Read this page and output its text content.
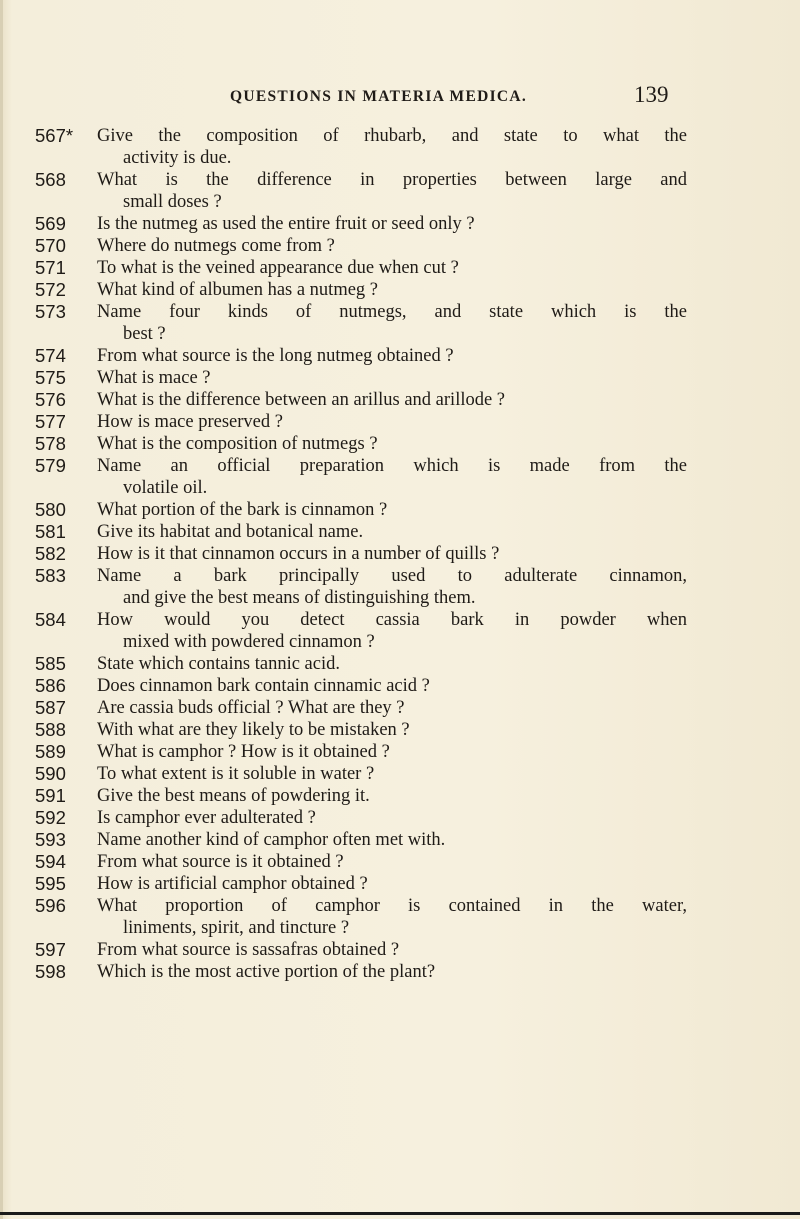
QUESTIONS IN MATERIA MEDICA.	139
567*	Give the composition of rhubarb, and state to what the
activity is due.
568	What is the difference in properties between large and
small doses ?
569	Is the nutmeg as used the entire fruit or seed only ?
570	Where do nutmegs come from ?
571	To what is the veined appearance due when cut ?
572	What kind of albumen has a nutmeg ?
573	Name four kinds of nutmegs, and state which is the
best ?
574	From what source is the long nutmeg obtained ?
575	What is mace ?
576	What is the difference between an arillus and arillode ?
577	How is mace preserved ?
578	What is the composition of nutmegs ?
579	Name an official preparation which is made from the
volatile oil.
580	What portion of the bark is cinnamon ?
581	Give its habitat and botanical name.
582	How is it that cinnamon occurs in a number of quills ?
583	Name a bark principally used to adulterate cinnamon,
and give the best means of distinguishing them.
584	How would you detect cassia bark in powder when
mixed with powdered cinnamon ?
585	State which contains tannic acid.
586	Does cinnamon bark contain cinnamic acid ?
587	Are cassia buds official ? What are they ?
588	With what are they likely to be mistaken ?
589	What is camphor ? How is it obtained ?
590	To what extent is it soluble in water ?
591	Give the best means of powdering it.
592	Is camphor ever adulterated ?
593	Name another kind of camphor often met with.
594	From what source is it obtained ?
595	How is artificial camphor obtained ?
596	What proportion of camphor is contained in the water,
liniments, spirit, and tincture ?
597	From what source is sassafras obtained ?
598	Which is the most active portion of the plant?
